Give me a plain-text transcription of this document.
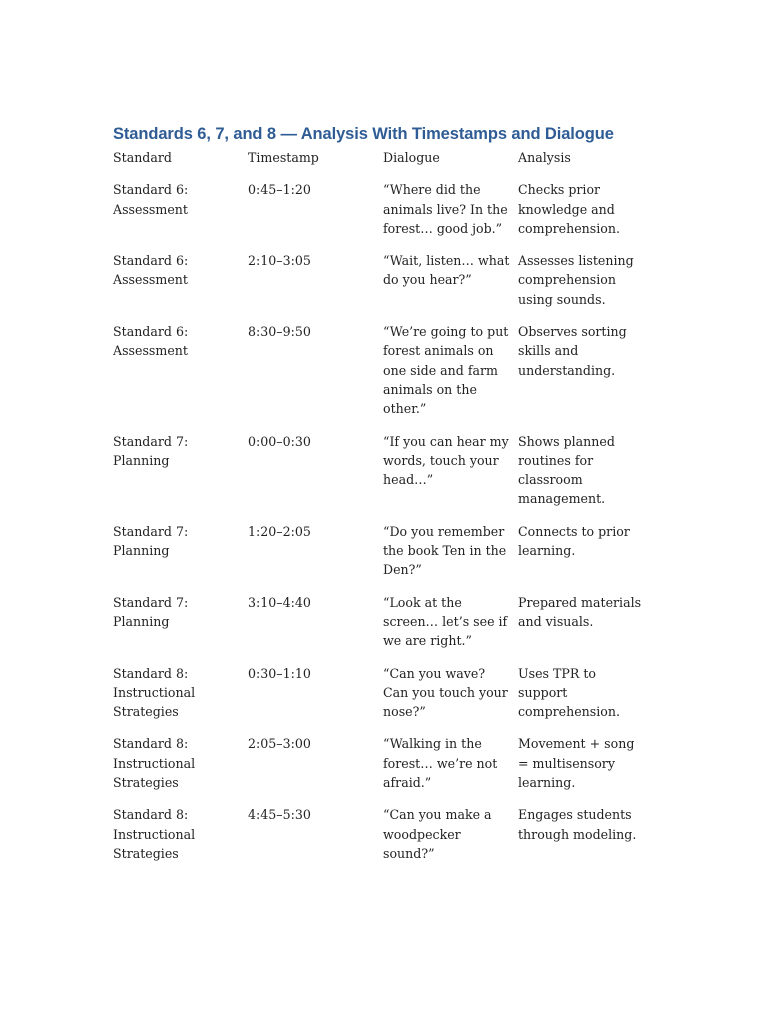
Standards 6, 7, and 8 — Analysis With Timestamps and Dialogue
Standard	Timestamp	Dialogue	Analysis
Standard 6: Assessment	0:45–1:20	“Where did the animals live? In the forest… good job.”	Checks prior knowledge and comprehension.
Standard 6: Assessment	2:10–3:05	“Wait, listen… what do you hear?”	Assesses listening comprehension using sounds.
Standard 6: Assessment	8:30–9:50	“We’re going to put forest animals on one side and farm animals on the other.”	Observes sorting skills and understanding.
Standard 7: Planning	0:00–0:30	“If you can hear my words, touch your head…”	Shows planned routines for classroom management.
Standard 7: Planning	1:20–2:05	“Do you remember the book Ten in the Den?”	Connects to prior learning.
Standard 7: Planning	3:10–4:40	“Look at the screen… let’s see if we are right.”	Prepared materials and visuals.
Standard 8: Instructional Strategies	0:30–1:10	“Can you wave? Can you touch your nose?”	Uses TPR to support comprehension.
Standard 8: Instructional Strategies	2:05–3:00	“Walking in the forest… we’re not afraid.”	Movement + song = multisensory learning.
Standard 8: Instructional Strategies	4:45–5:30	“Can you make a woodpecker sound?”	Engages students through modeling.
